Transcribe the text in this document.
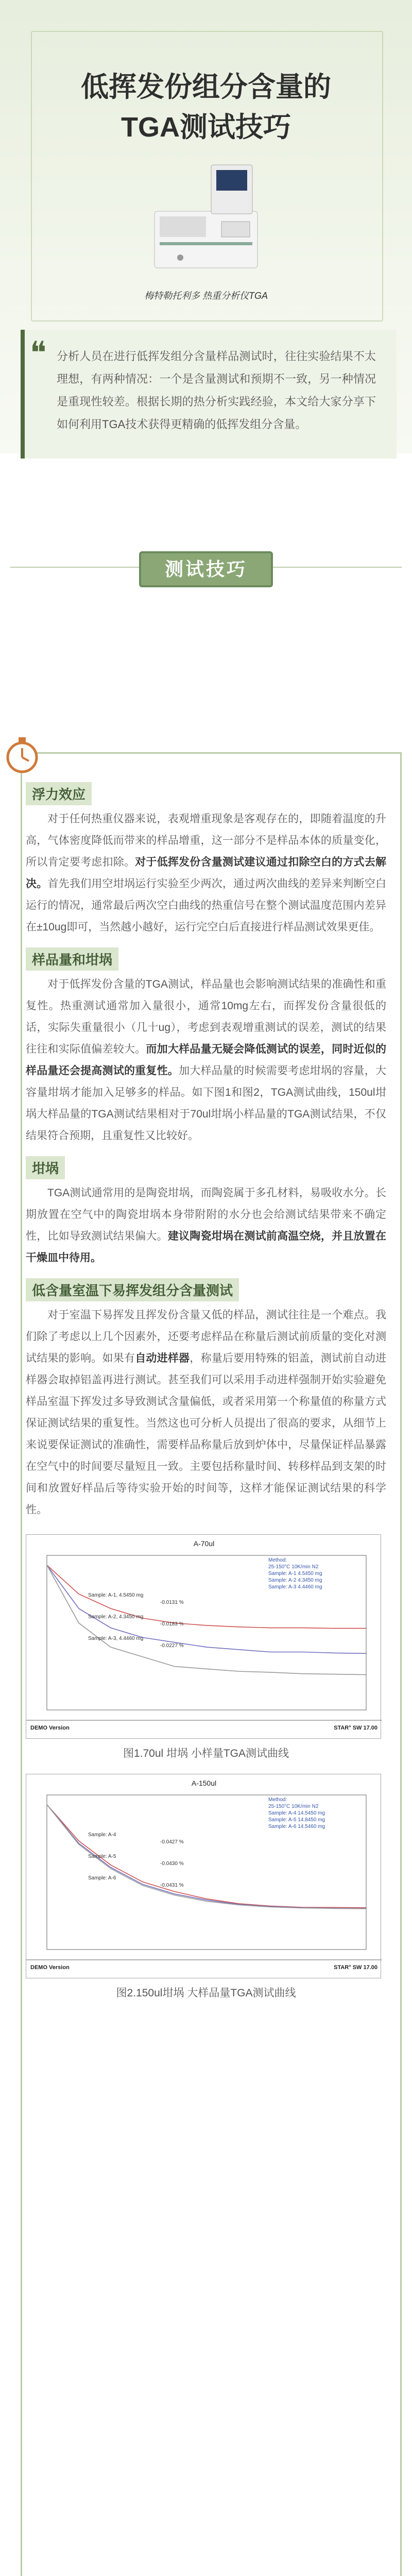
低挥发份组分含量的
TGA测试技巧
梅特勒托利多 热重分析仪TGA
❝ 分析人员在进行低挥发组分含量样品测试时，往往实验结果不太理想，有两种情况：一个是含量测试和预期不一致，另一种情况是重现性较差。根据长期的热分析实践经验，本文给大家分享下如何利用TGA技术获得更精确的低挥发组分含量。
测试技巧
浮力效应

对于任何热重仪器来说，表观增重现象是客观存在的，即随着温度的升高，气体密度降低而带来的样品增重，这一部分不是样品本体的质量变化，所以肯定要考虑扣除。对于低挥发份含量测试建议通过扣除空白的方式去解决。首先我们用空坩埚运行实验至少两次，通过两次曲线的差异来判断空白运行的情况，通常最后两次空白曲线的热重信号在整个测试温度范围内差异在±10ug即可，当然越小越好，运行完空白后直接进行样品测试效果更佳。

样品量和坩埚

对于低挥发份含量的TGA测试，样品量也会影响测试结果的准确性和重复性。热重测试通常加入量很小，通常10mg左右，而挥发份含量很低的话，实际失重量很小（几十ug），考虑到表观增重测试的误差，测试的结果往往和实际值偏差较大。而加大样品量无疑会降低测试的误差，同时近似的样品量还会提高测试的重复性。加大样品量的时候需要考虑坩埚的容量，大容量坩埚才能加入足够多的样品。如下图1和图2，TGA测试曲线，150ul坩埚大样品量的TGA测试结果相对于70ul坩埚小样品量的TGA测试结果，不仅结果符合预期，且重复性又比较好。

坩埚

TGA测试通常用的是陶瓷坩埚，而陶瓷属于多孔材料，易吸收水分。长期放置在空气中的陶瓷坩埚本身带附附的水分也会给测试结果带来不确定性，比如导致测试结果偏大。建议陶瓷坩埚在测试前高温空烧，并且放置在干燥皿中待用。

低含量室温下易挥发组分含量测试

对于室温下易挥发且挥发份含量又低的样品，测试往往是一个难点。我们除了考虑以上几个因素外，还要考虑样品在称量后测试前质量的变化对测试结果的影响。如果有自动进样器，称量后要用特殊的铝盖，测试前自动进样器会取掉铝盖再进行测试。甚至我们可以采用手动进样强制开始实验避免样品室温下挥发过多导致测试含量偏低，或者采用第一个称量值的称量方式保证测试结果的重复性。当然这也可分析人员提出了很高的要求，从细节上来说要保证测试的准确性，需要样品称量后放到炉体中，尽量保证样品暴露在空气中的时间要尽量短且一致。主要包括称量时间、转移样品到支架的时间和放置好样品后等待实验开始的时间等，这样才能保证测试结果的科学性。

A-70ul
Method:
25-150°C 10K/min N2
Sample: A-1 4.5450 mg
Sample: A-2 4.3450 mg
Sample: A-3 4.4460 mg
Sample: A-1, 4.5450 mg
-0.0131 %
Sample: A-2, 4.3450 mg
-0.0183 %
Sample: A-3, 4.4460 mg
-0.0227 %
DEMO Version	STAR° SW 17.00
图1.70ul 坩埚 小样量TGA测试曲线
A-150ul
Method:
25-150°C 10K/min N2
Sample: A-4 14.5450 mg
Sample: A-5 14.8450 mg
Sample: A-6 14.5460 mg
Sample: A-4
-0.0427 %
Sample: A-5
-0.0430 %
Sample: A-6
-0.0431 %
DEMO Version	STAR° SW 17.00
图2.150ul坩埚 大样品量TGA测试曲线
